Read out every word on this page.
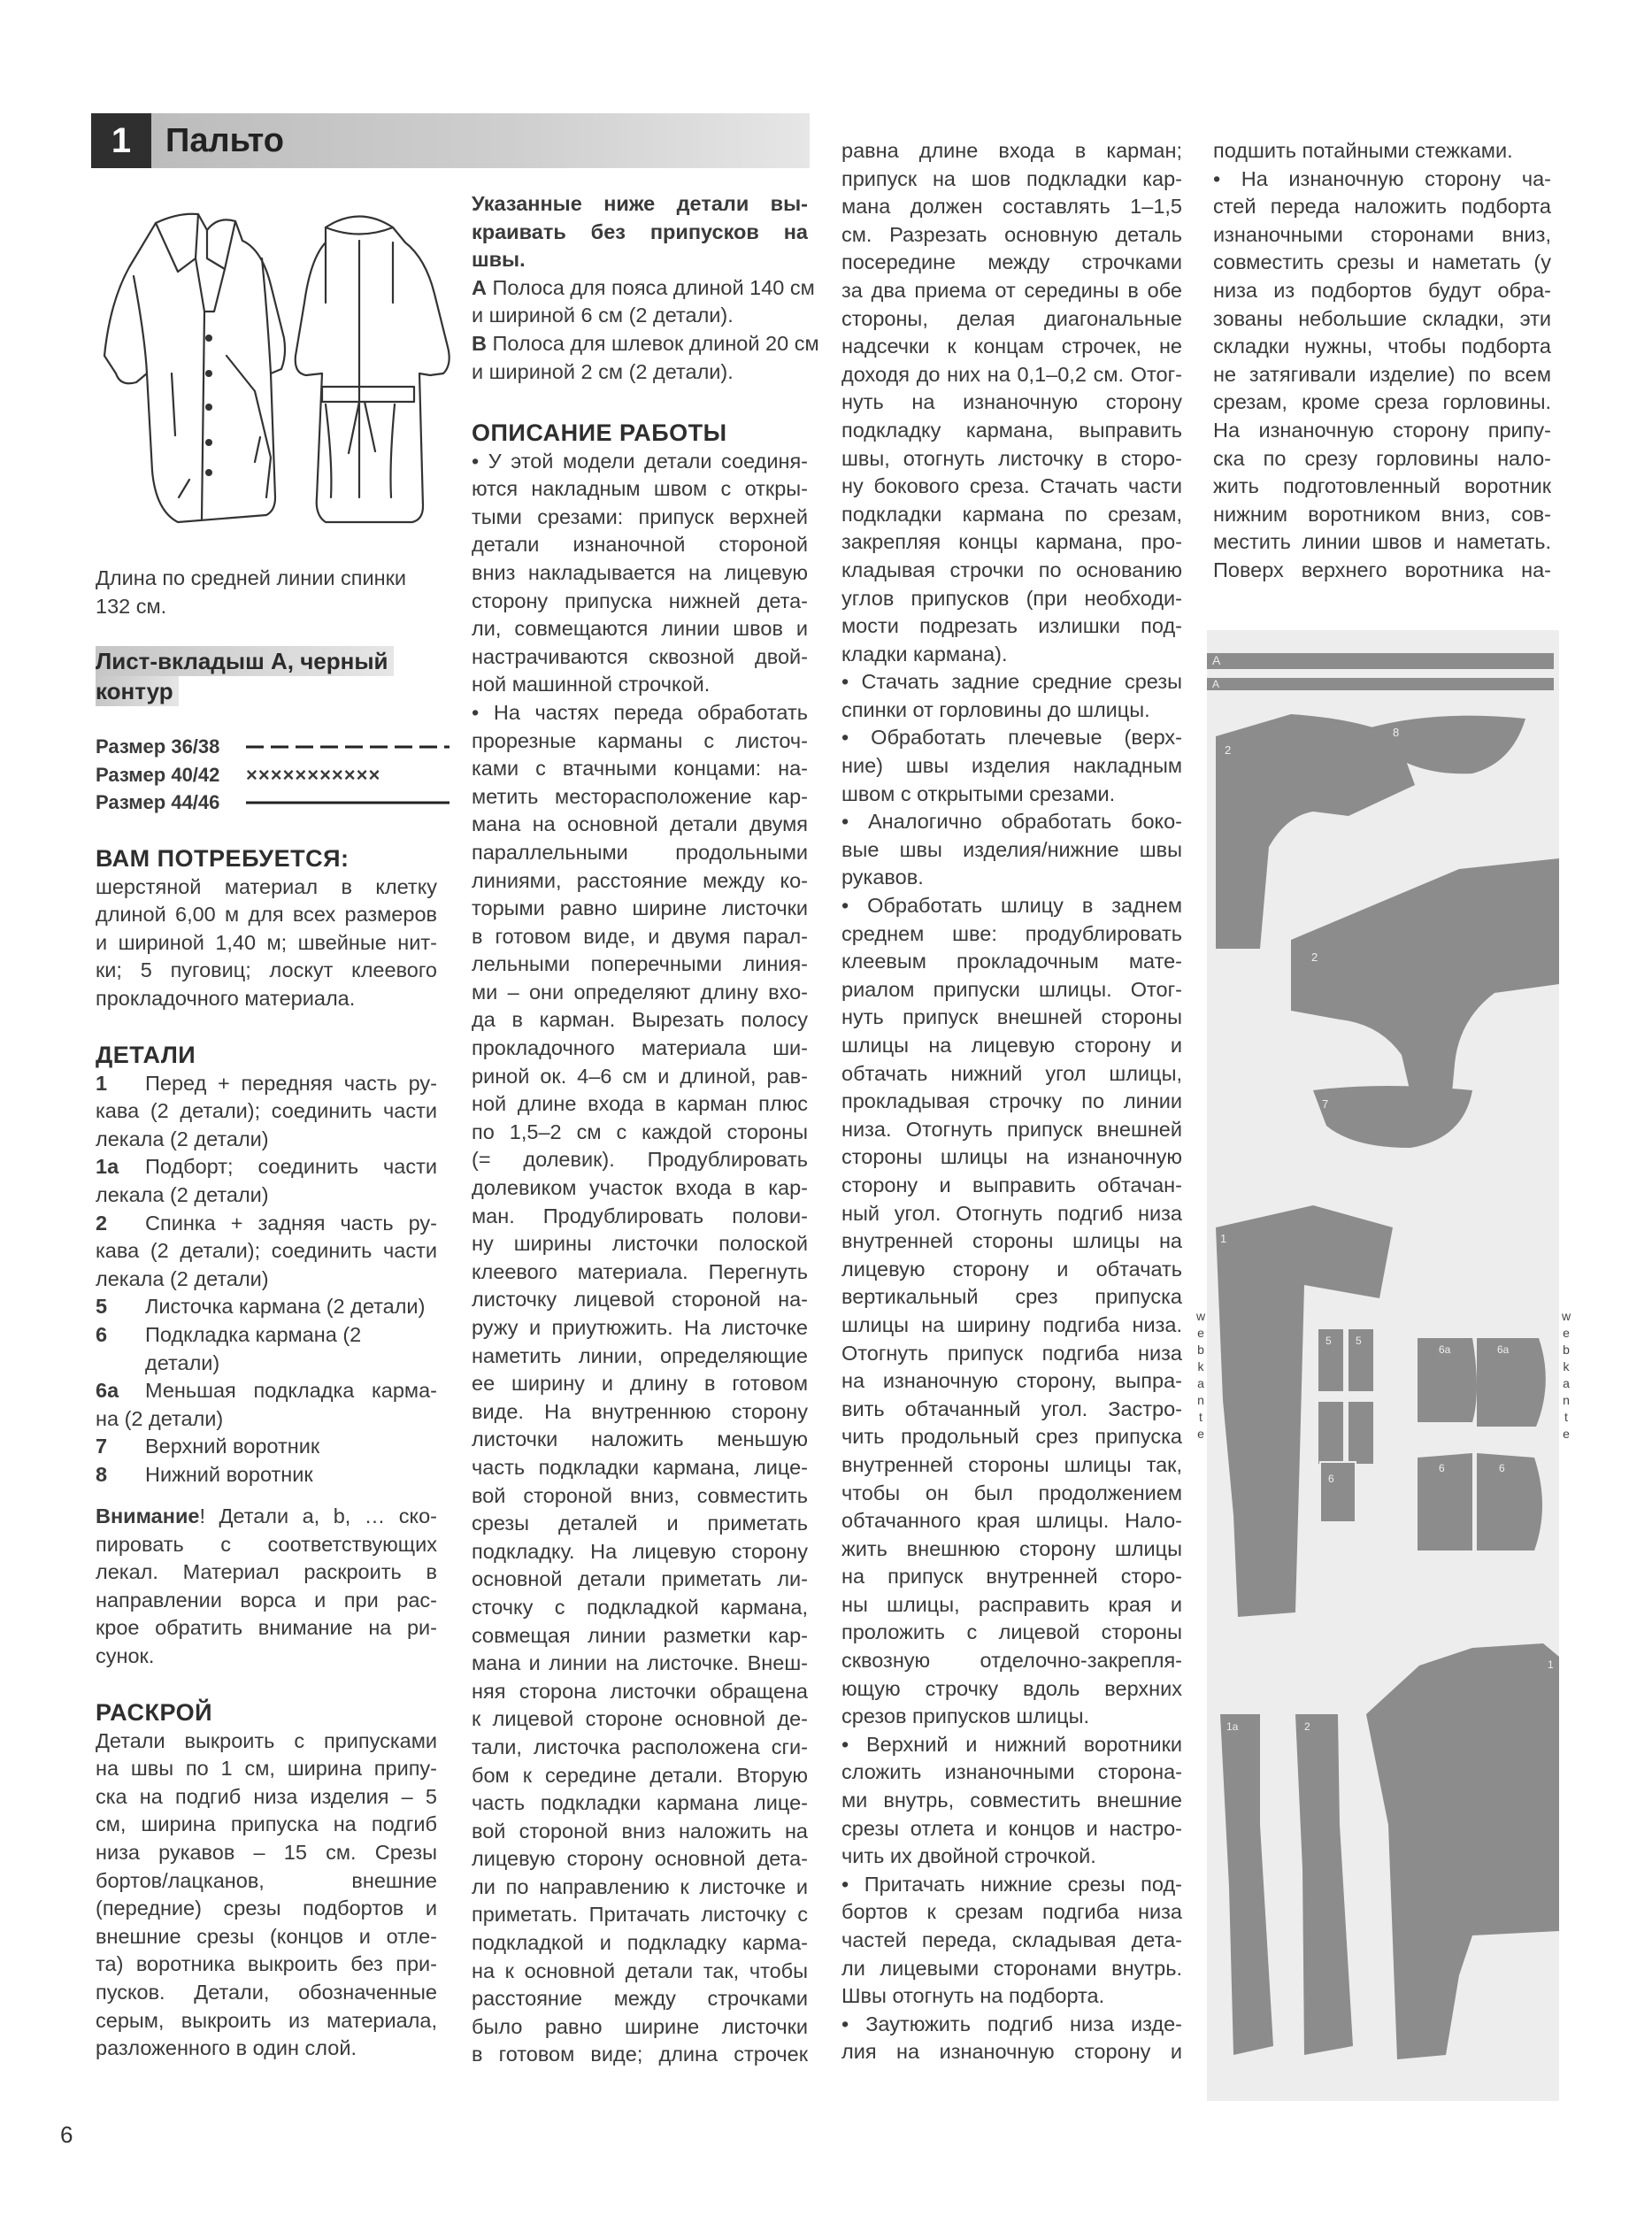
1	Пальто
Длина по средней линии спинки
132 см.
Лист-вкладыш А, черный
контур
Размер 36/38
Размер 40/42	×××××××××××
Размер 44/46
ВАМ ПОТРЕБУЕТСЯ:
шерстяной материал в клетку
длиной 6,00 м для всех размеров
и шириной 1,40 м; швейные нит-
ки; 5 пуговиц; лоскут клеевого
прокладочного материала.
ДЕТАЛИ
1 Перед + передняя часть ру-
кава (2 детали); соединить части
лекала (2 детали)
1а Подборт; соединить части
лекала (2 детали)
2 Спинка + задняя часть ру-
кава (2 детали); соединить части
лекала (2 детали)
5	Листочка кармана (2 детали)
6	Подкладка кармана (2 детали)
6а Меньшая подкладка карма-
на (2 детали)
7	Верхний воротник
8	Нижний воротник
Внимание! Детали a, b, … ско-
пировать с соответствующих
лекал. Материал раскроить в
направлении ворса и при рас-
крое обратить внимание на ри-
сунок.
РАСКРОЙ
Детали выкроить с припусками
на швы по 1 см, ширина припу-
ска на подгиб низа изделия – 5
см, ширина припуска на подгиб
низа рукавов – 15 см. Срезы
бортов/лацканов, внешние
(передние) срезы подбортов и
внешние срезы (концов и отле-
та) воротника выкроить без при-
пусков. Детали, обозначенные
серым, выкроить из материала,
разложенного в один слой.
Указанные ниже детали вы-
краивать без припусков на
швы.
А Полоса для пояса длиной 140 см
и шириной 6 см (2 детали).
В Полоса для шлевок длиной 20 см
и шириной 2 см (2 детали).
ОПИСАНИЕ РАБОТЫ
• У этой модели детали соединя-
ются накладным швом с откры-
тыми срезами: припуск верхней
детали изнаночной стороной
вниз накладывается на лицевую
сторону припуска нижней дета-
ли, совмещаются линии швов и
настрачиваются сквозной двой-
ной машинной строчкой.
• На частях переда обработать
прорезные карманы с листоч-
ками с втачными концами: на-
метить месторасположение кар-
мана на основной детали двумя
параллельными продольными
линиями, расстояние между ко-
торыми равно ширине листочки
в готовом виде, и двумя парал-
лельными поперечными линия-
ми – они определяют длину вхо-
да в карман. Вырезать полосу
прокладочного материала ши-
риной ок. 4–6 см и длиной, рав-
ной длине входа в карман плюс
по 1,5–2 см с каждой стороны
(= долевик). Продублировать
долевиком участок входа в кар-
ман. Продублировать полови-
ну ширины листочки полоской
клеевого материала. Перегнуть
листочку лицевой стороной на-
ружу и приутюжить. На листочке
наметить линии, определяющие
ее ширину и длину в готовом
виде. На внутреннюю сторону
листочки наложить меньшую
часть подкладки кармана, лице-
вой стороной вниз, совместить
срезы деталей и приметать
подкладку. На лицевую сторону
основной детали приметать ли-
сточку с подкладкой кармана,
совмещая линии разметки кар-
мана и линии на листочке. Внеш-
няя сторона листочки обращена
к лицевой стороне основной де-
тали, листочка расположена сги-
бом к середине детали. Вторую
часть подкладки кармана лице-
вой стороной вниз наложить на
лицевую сторону основной дета-
ли по направлению к листочке и
приметать. Притачать листочку с
подкладкой и подкладку карма-
на к основной детали так, чтобы
расстояние между строчками
было равно ширине листочки
в готовом виде; длина строчек
равна длине входа в карман;
припуск на шов подкладки кар-
мана должен составлять 1–1,5
см. Разрезать основную деталь
посередине между строчками
за два приема от середины в обе
стороны, делая диагональные
надсечки к концам строчек, не
доходя до них на 0,1–0,2 см. Отог-
нуть на изнаночную сторону
подкладку кармана, выправить
швы, отогнуть листочку в сторо-
ну бокового среза. Стачать части
подкладки кармана по срезам,
закрепляя концы кармана, про-
кладывая строчки по основанию
углов припусков (при необходи-
мости подрезать излишки под-
кладки кармана).
• Стачать задние средние срезы
спинки от горловины до шлицы.
• Обработать плечевые (верх-
ние) швы изделия накладным
швом с открытыми срезами.
• Аналогично обработать боко-
вые швы изделия/нижние швы
рукавов.
• Обработать шлицу в заднем
среднем шве: продублировать
клеевым прокладочным мате-
риалом припуски шлицы. Отог-
нуть припуск внешней стороны
шлицы на лицевую сторону и
обтачать нижний угол шлицы,
прокладывая строчку по линии
низа. Отогнуть припуск внешней
стороны шлицы на изнаночную
сторону и выправить обтачан-
ный угол. Отогнуть подгиб низа
внутренней стороны шлицы на
лицевую сторону и обтачать
вертикальный срез припуска
шлицы на ширину подгиба низа.
Отогнуть припуск подгиба низа
на изнаночную сторону, выпра-
вить обтачанный угол. Застро-
чить продольный срез припуска
внутренней стороны шлицы так,
чтобы он был продолжением
обтачанного края шлицы. Нало-
жить внешнюю сторону шлицы
на припуск внутренней сторо-
ны шлицы, расправить края и
проложить с лицевой стороны
сквозную отделочно-закрепля-
ющую строчку вдоль верхних
срезов припусков шлицы.
• Верхний и нижний воротники
сложить изнаночными сторона-
ми внутрь, совместить внешние
срезы отлета и концов и настро-
чить их двойной строчкой.
• Притачать нижние срезы под-
бортов к срезам подгиба низа
частей переда, складывая дета-
ли лицевыми сторонами внутрь.
Швы отогнуть на подборта.
• Заутюжить подгиб низа изде-
лия на изнаночную сторону и
подшить потайными стежками.
• На изнаночную сторону ча-
стей переда наложить подборта
изнаночными сторонами вниз,
совместить срезы и наметать (у
низа из подбортов будут обра-
зованы небольшие складки, эти
складки нужны, чтобы подборта
не затягивали изделие) по всем
срезам, кроме среза горловины.
На изнаночную сторону припу-
ска по срезу горловины нало-
жить подготовленный воротник
нижним воротником вниз, сов-
местить линии швов и наметать.
Поверх верхнего воротника на-
A
A
2
8
2
7
1
5 5
6
6а	6а
6	6
1а	2
1
webkante
webkante
6
